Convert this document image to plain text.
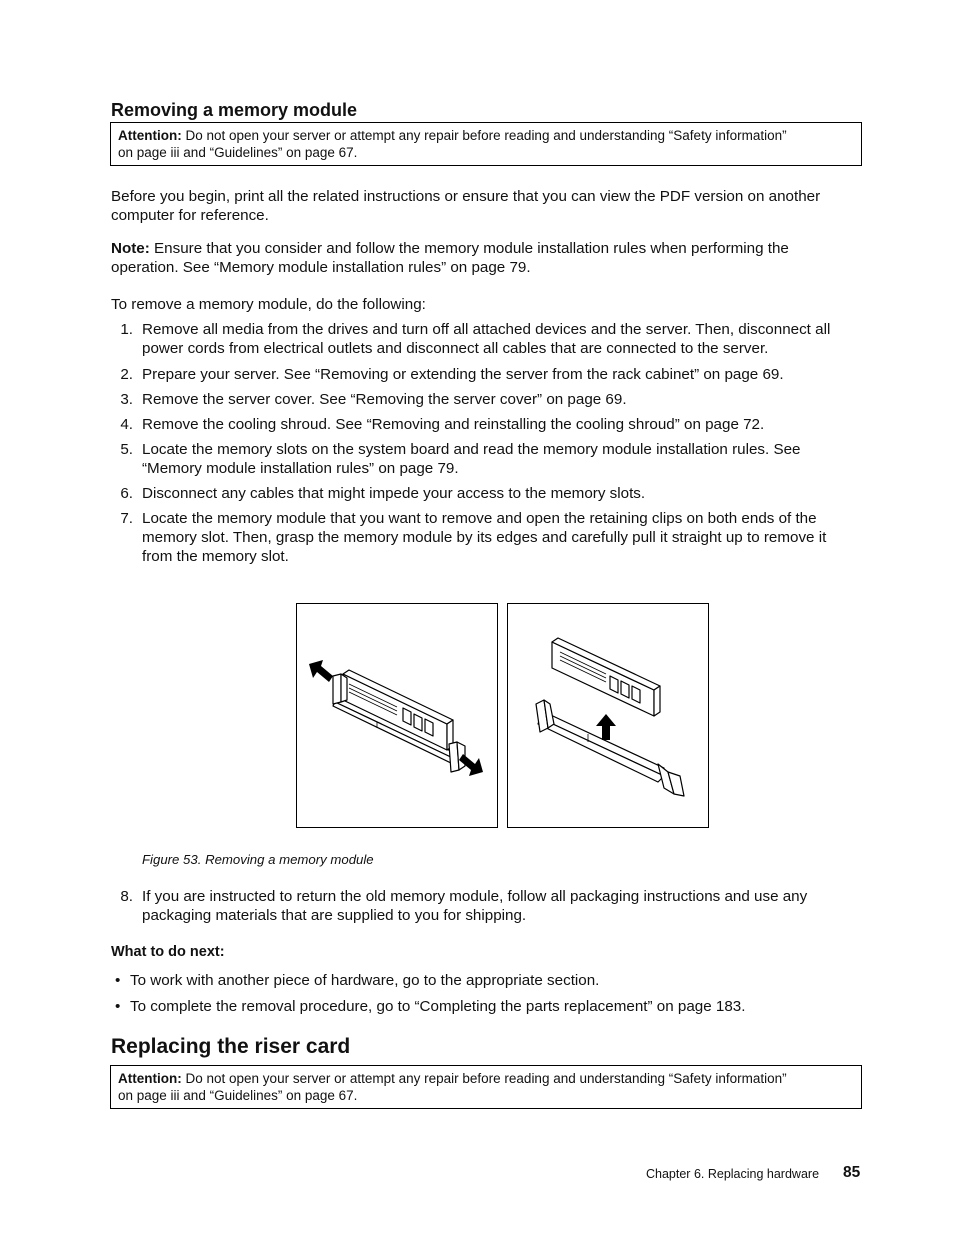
Removing a memory module
Attention: Do not open your server or attempt any repair before reading and understanding “Safety information”
on page iii and “Guidelines” on page 67.
Before you begin, print all the related instructions or ensure that you can view the PDF version on another
computer for reference.
Note: Ensure that you consider and follow the memory module installation rules when performing the
operation. See “Memory module installation rules” on page 79.
To remove a memory module, do the following:
1. Remove all media from the drives and turn off all attached devices and the server. Then, disconnect all
power cords from electrical outlets and disconnect all cables that are connected to the server.
2. Prepare your server. See “Removing or extending the server from the rack cabinet” on page 69.
3. Remove the server cover. See “Removing the server cover” on page 69.
4. Remove the cooling shroud. See “Removing and reinstalling the cooling shroud” on page 72.
5. Locate the memory slots on the system board and read the memory module installation rules. See
“Memory module installation rules” on page 79.
6. Disconnect any cables that might impede your access to the memory slots.
7. Locate the memory module that you want to remove and open the retaining clips on both ends of the
memory slot. Then, grasp the memory module by its edges and carefully pull it straight up to remove it
from the memory slot.
Figure 53. Removing a memory module
8. If you are instructed to return the old memory module, follow all packaging instructions and use any
packaging materials that are supplied to you for shipping.
What to do next:
• To work with another piece of hardware, go to the appropriate section.
• To complete the removal procedure, go to “Completing the parts replacement” on page 183.
Replacing the riser card
Attention: Do not open your server or attempt any repair before reading and understanding “Safety information”
on page iii and “Guidelines” on page 67.
Chapter 6. Replacing hardware 85
